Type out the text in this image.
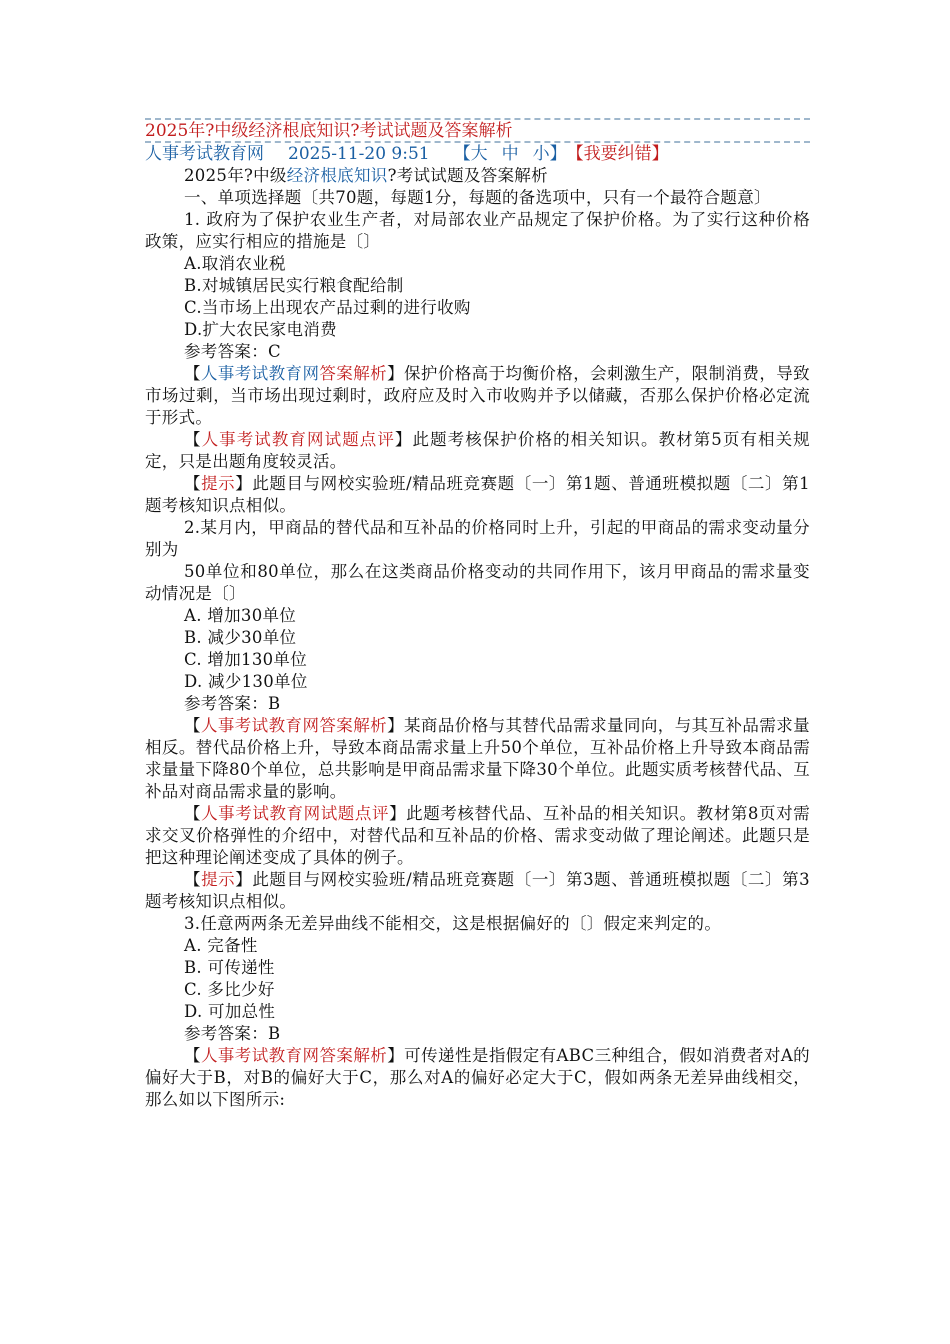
2025年?中级经济根底知识?考试试题及答案解析
人事考试教育网 2025-11-20 9:51 【大 中 小】 【我要纠错】

2025年?中级经济根底知识?考试试题及答案解析

一、单项选择题〔共70题，每题1分，每题的备选项中，只有一个最符合题意〕

1. 政府为了保护农业生产者，对局部农业产品规定了保护价格。为了实行这种价格政策，应实行相应的措施是〔〕

A.取消农业税

B.对城镇居民实行粮食配给制

C.当市场上出现农产品过剩的进行收购

D.扩大农民家电消费

参考答案：C

【人事考试教育网答案解析】保护价格高于均衡价格，会刺激生产，限制消费，导致市场过剩，当市场出现过剩时，政府应及时入市收购并予以储藏，否那么保护价格必定流于形式。

【人事考试教育网试题点评】此题考核保护价格的相关知识。教材第5页有相关规定，只是出题角度较灵活。

【提示】此题目与网校实验班/精品班竞赛题〔一〕第1题、普通班模拟题〔二〕第1题考核知识点相似。

2.某月内，甲商品的替代品和互补品的价格同时上升，引起的甲商品的需求变动量分别为

50单位和80单位，那么在这类商品价格变动的共同作用下，该月甲商品的需求量变动情况是〔〕

A. 增加30单位

B. 减少30单位

C. 增加130单位

D. 减少130单位

参考答案：B

【人事考试教育网答案解析】某商品价格与其替代品需求量同向，与其互补品需求量相反。替代品价格上升，导致本商品需求量上升50个单位，互补品价格上升导致本商品需求量量下降80个单位，总共影响是甲商品需求量下降30个单位。此题实质考核替代品、互补品对商品需求量的影响。

【人事考试教育网试题点评】此题考核替代品、互补品的相关知识。教材第8页对需求交叉价格弹性的介绍中，对替代品和互补品的价格、需求变动做了理论阐述。此题只是把这种理论阐述变成了具体的例子。

【提示】此题目与网校实验班/精品班竞赛题〔一〕第3题、普通班模拟题〔二〕第3题考核知识点相似。

3.任意两两条无差异曲线不能相交，这是根据偏好的〔〕假定来判定的。

A. 完备性

B. 可传递性

C. 多比少好

D. 可加总性

参考答案：B

【人事考试教育网答案解析】可传递性是指假定有ABC三种组合，假如消费者对A的偏好大于B，对B的偏好大于C，那么对A的偏好必定大于C，假如两条无差异曲线相交，那么如以下图所示:
